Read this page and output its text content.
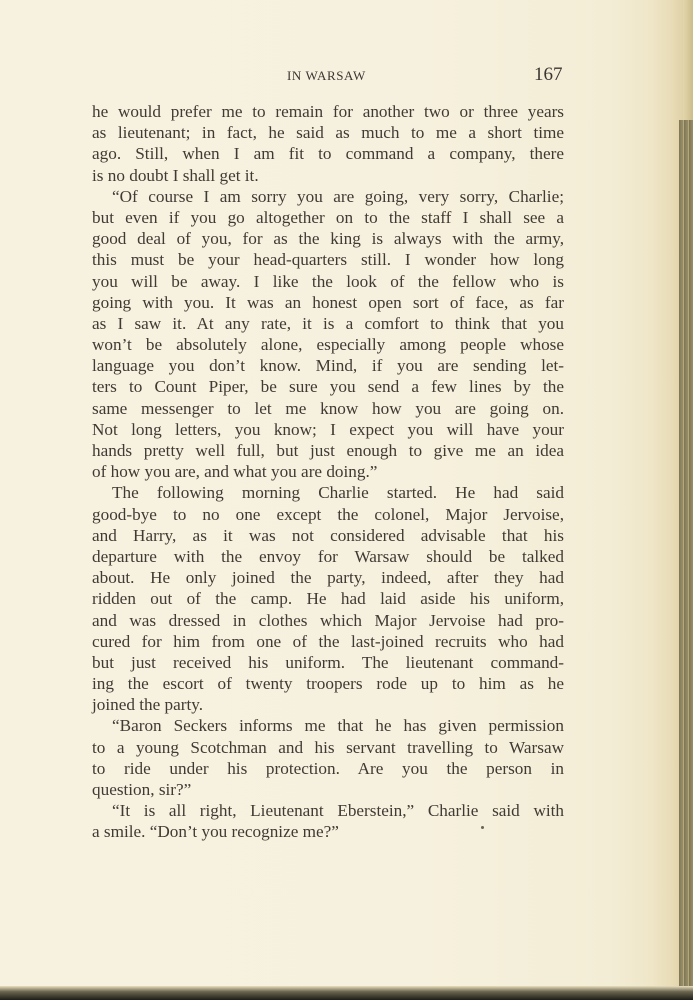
IN WARSAW	167
he would prefer me to remain for another two or three years
as lieutenant; in fact, he said as much to me a short time
ago. Still, when I am fit to command a company, there
is no doubt I shall get it.
“Of course I am sorry you are going, very sorry, Charlie;
but even if you go altogether on to the staff I shall see a
good deal of you, for as the king is always with the army,
this must be your head-quarters still. I wonder how long
you will be away. I like the look of the fellow who is
going with you. It was an honest open sort of face, as far
as I saw it. At any rate, it is a comfort to think that you
won’t be absolutely alone, especially among people whose
language you don’t know. Mind, if you are sending let-
ters to Count Piper, be sure you send a few lines by the
same messenger to let me know how you are going on.
Not long letters, you know; I expect you will have your
hands pretty well full, but just enough to give me an idea
of how you are, and what you are doing.”
The following morning Charlie started. He had said
good-bye to no one except the colonel, Major Jervoise,
and Harry, as it was not considered advisable that his
departure with the envoy for Warsaw should be talked
about. He only joined the party, indeed, after they had
ridden out of the camp. He had laid aside his uniform,
and was dressed in clothes which Major Jervoise had pro-
cured for him from one of the last-joined recruits who had
but just received his uniform. The lieutenant command-
ing the escort of twenty troopers rode up to him as he
joined the party.
“Baron Seckers informs me that he has given permission
to a young Scotchman and his servant travelling to Warsaw
to ride under his protection. Are you the person in
question, sir?”
“It is all right, Lieutenant Eberstein,” Charlie said with
a smile. “Don’t you recognize me?”
